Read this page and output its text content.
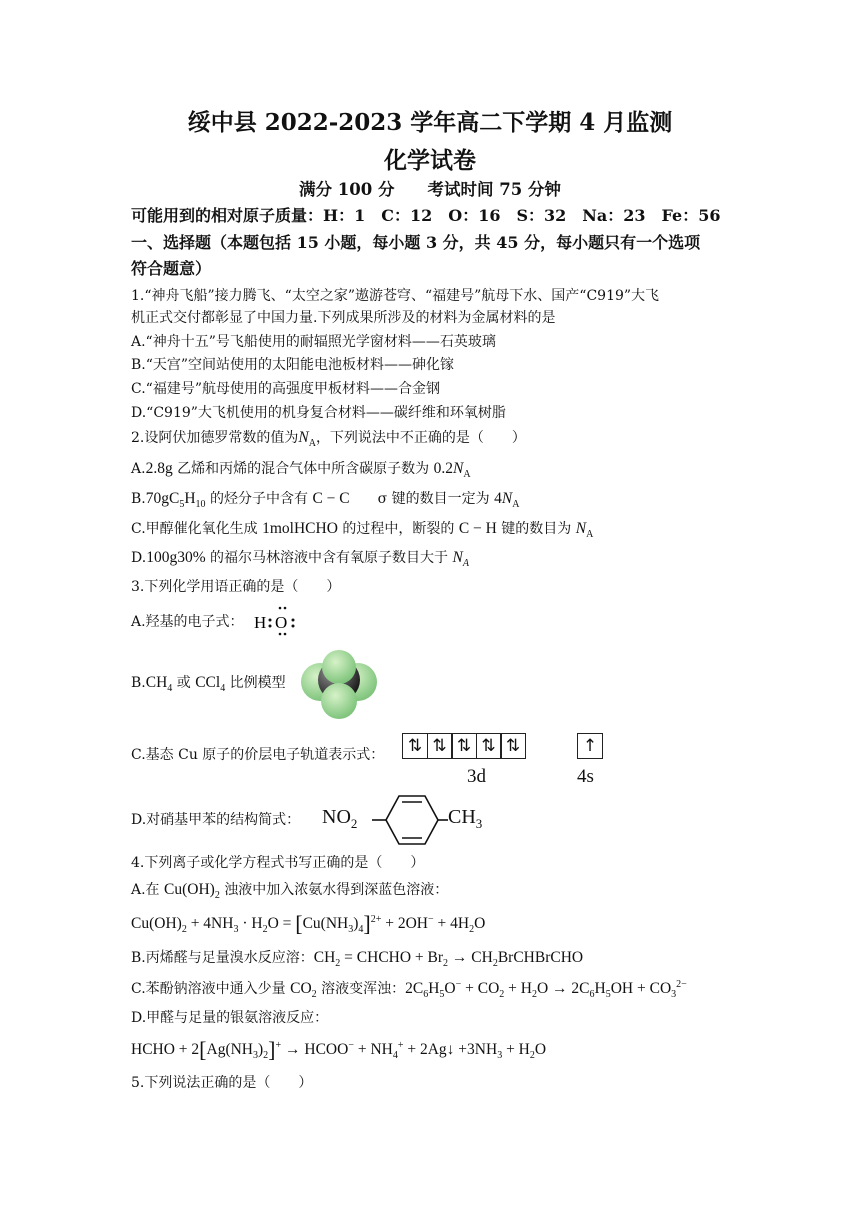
绥中县 2022-2023 学年高二下学期 4 月监测
化学试卷
满分 100 分　　考试时间 75 分钟
可能用到的相对原子质量：H：1　C：12　O：16　S：32　Na：23　Fe：56
一、选择题（本题包括 15 小题，每小题 3 分，共 45 分，每小题只有一个选项
符合题意）
1.“神舟飞船”接力腾飞、“太空之家”遨游苍穹、“福建号”航母下水、国产“C919”大飞
机正式交付都彰显了中国力量.下列成果所涉及的材料为金属材料的是
A.“神舟十五”号飞船使用的耐辐照光学窗材料——石英玻璃
B.“天宫”空间站使用的太阳能电池板材料——砷化镓
C.“福建号”航母使用的高强度甲板材料——合金钢
D.“C919”大飞机使用的机身复合材料——碳纤维和环氧树脂
2.设阿伏加德罗常数的值为$N_A$，下列说法中不正确的是（　　）
A.2.8g 乙烯和丙烯的混合气体中所含碳原子数为 $0.2N_A$
$B.70gC_5H_{10}$ 的烃分子中含有 C − C　　 σ 键的数目一定为 $4N_A$
C.甲醇催化氧化生成 1molHCHO 的过程中，断裂的 C − H 键的数目为 $N_A$
D.100g30% 的福尔马林溶液中含有氧原子数目大于 $N_A$
3.下列化学用语正确的是（　　）
A.羟基的电子式： H O
$B.CH_4$ 或 CCl$_4$ 比例模型
C.基态 Cu 原子的价层电子轨道表示式：	⇅ ⇅ ⇅ ⇅ ⇅	↑
3d	4s
D.对硝基甲苯的结构简式： $NO_2$	$CH_3$
4.下列离子或化学方程式书写正确的是（　　）
A.在 $Cu(OH)_2$ 浊液中加入浓氨水得到深蓝色溶液：
$Cu(OH)_2 + 4NH_3 \cdot H_2O = [Cu(NH_3)_4]^{2+} + 2OH^- + 4H_2O$
B.丙烯醛与足量溴水反应溶：$CH_2$ = CHCHO + $Br_2$ → $CH_2BrCHBrCHO$
C.苯酚钠溶液中通入少量 $CO_2$ 溶液变浑浊：$2C_6H_5O^- + CO_2 + H_2O \to 2C_6H_5OH + CO_3^{2-}$
D.甲醛与足量的银氨溶液反应：
HCHO + $2[Ag(NH_3)_2]^+$ → HCOO− + $NH_4^+$ + 2Ag↓ $+3NH_3 + H_2O$
5.下列说法正确的是（　　）
